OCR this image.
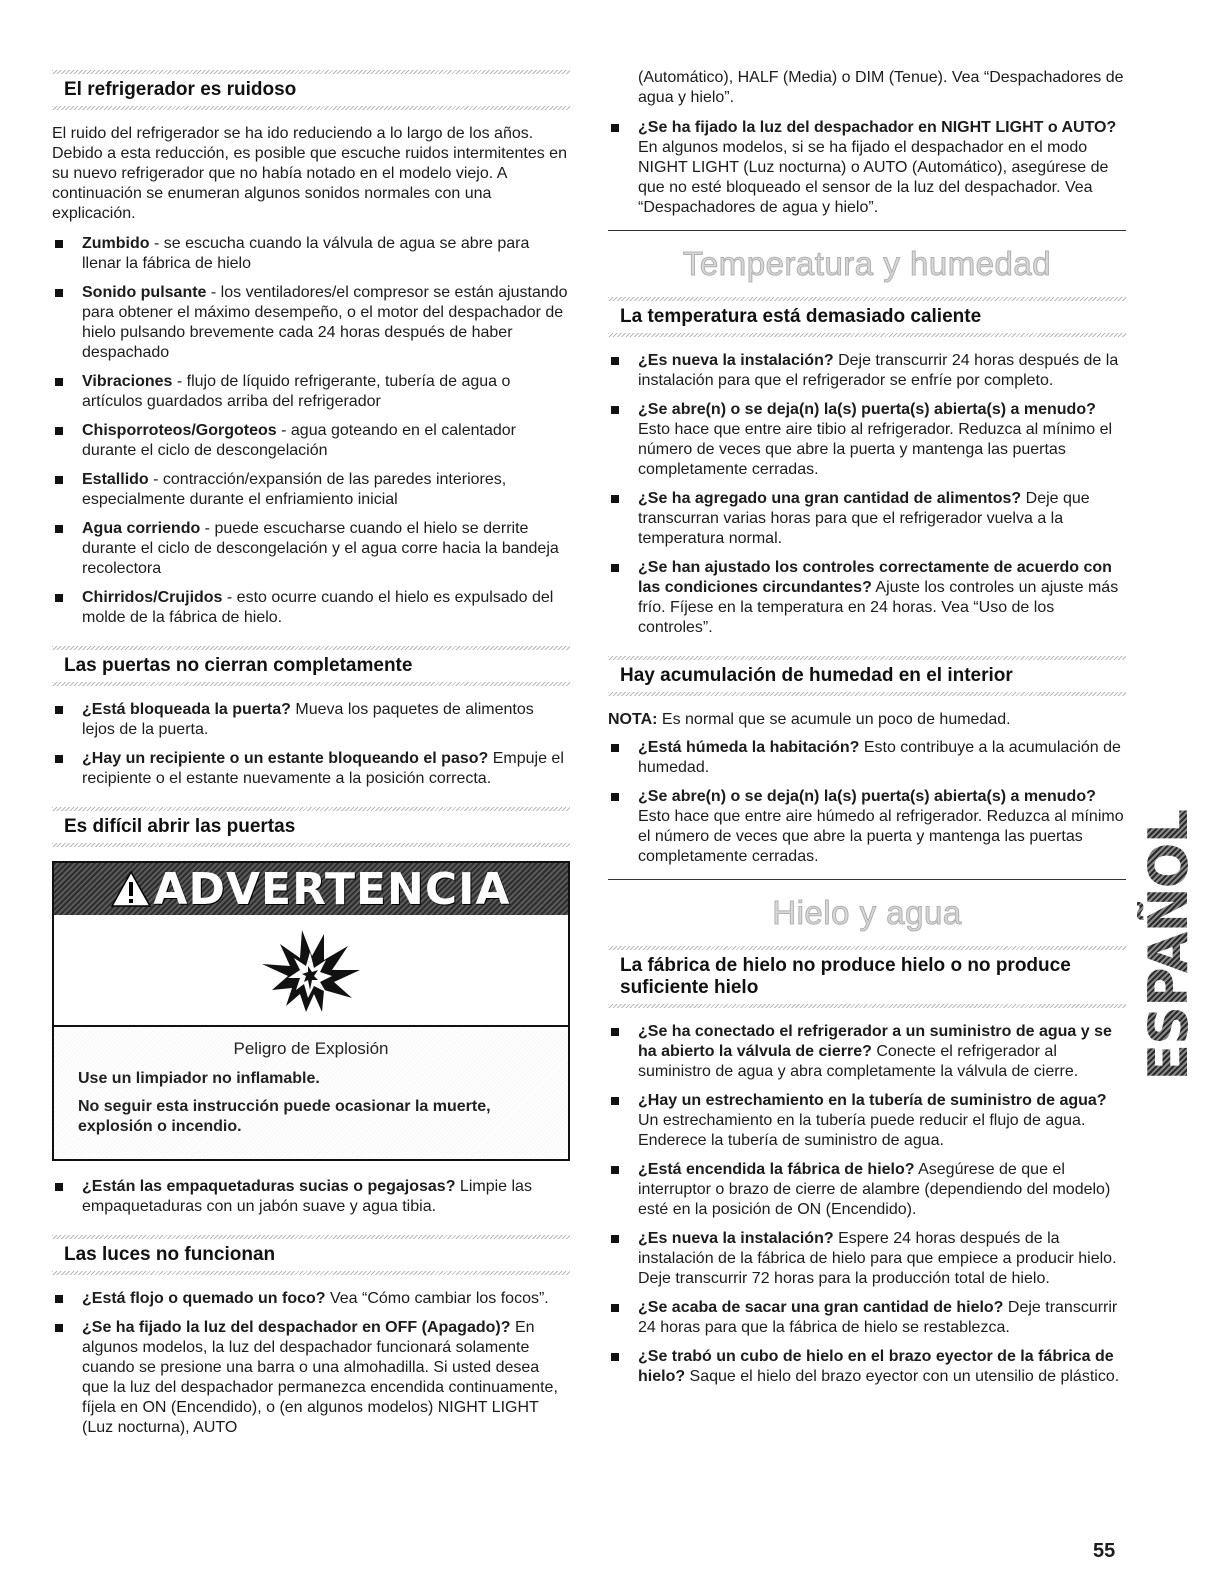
El refrigerador es ruidoso

El ruido del refrigerador se ha ido reduciendo a lo largo de los años. Debido a esta reducción, es posible que escuche ruidos intermitentes en su nuevo refrigerador que no había notado en el modelo viejo. A continuación se enumeran algunos sonidos normales con una explicación.

Zumbido - se escucha cuando la válvula de agua se abre para llenar la fábrica de hielo
Sonido pulsante - los ventiladores/el compresor se están ajustando para obtener el máximo desempeño, o el motor del despachador de hielo pulsando brevemente cada 24 horas después de haber despachado
Vibraciones - flujo de líquido refrigerante, tubería de agua o artículos guardados arriba del refrigerador
Chisporroteos/Gorgoteos - agua goteando en el calentador durante el ciclo de descongelación
Estallido - contracción/expansión de las paredes interiores, especialmente durante el enfriamiento inicial
Agua corriendo - puede escucharse cuando el hielo se derrite durante el ciclo de descongelación y el agua corre hacia la bandeja recolectora
Chirridos/Crujidos - esto ocurre cuando el hielo es expulsado del molde de la fábrica de hielo.
Las puertas no cierran completamente
¿Está bloqueada la puerta? Mueva los paquetes de alimentos lejos de la puerta.
¿Hay un recipiente o un estante bloqueando el paso? Empuje el recipiente o el estante nuevamente a la posición correcta.
Es difícil abrir las puertas
ADVERTENCIA
Peligro de Explosión

Use un limpiador no inflamable.

No seguir esta instrucción puede ocasionar la muerte, explosión o incendio.

¿Están las empaquetaduras sucias o pegajosas? Limpie las empaquetaduras con un jabón suave y agua tibia.
Las luces no funcionan
¿Está flojo o quemado un foco? Vea “Cómo cambiar los focos”.
¿Se ha fijado la luz del despachador en OFF (Apagado)? En algunos modelos, la luz del despachador funcionará solamente cuando se presione una barra o una almohadilla. Si usted desea que la luz del despachador permanezca encendida continuamente, fíjela en ON (Encendido), o (en algunos modelos) NIGHT LIGHT (Luz nocturna), AUTO

(Automático), HALF (Media) o DIM (Tenue). Vea “Despachadores de agua y hielo”.

¿Se ha fijado la luz del despachador en NIGHT LIGHT o AUTO? En algunos modelos, si se ha fijado el despachador en el modo NIGHT LIGHT (Luz nocturna) o AUTO (Automático), asegúrese de que no esté bloqueado el sensor de la luz del despachador. Vea “Despachadores de agua y hielo”.
Temperatura y humedad
La temperatura está demasiado caliente
¿Es nueva la instalación? Deje transcurrir 24 horas después de la instalación para que el refrigerador se enfríe por completo.
¿Se abre(n) o se deja(n) la(s) puerta(s) abierta(s) a menudo? Esto hace que entre aire tibio al refrigerador. Reduzca al mínimo el número de veces que abre la puerta y mantenga las puertas completamente cerradas.
¿Se ha agregado una gran cantidad de alimentos? Deje que transcurran varias horas para que el refrigerador vuelva a la temperatura normal.
¿Se han ajustado los controles correctamente de acuerdo con las condiciones circundantes? Ajuste los controles un ajuste más frío. Fíjese en la temperatura en 24 horas. Vea “Uso de los controles”.
Hay acumulación de humedad en el interior

NOTA: Es normal que se acumule un poco de humedad.

¿Está húmeda la habitación? Esto contribuye a la acumulación de humedad.
¿Se abre(n) o se deja(n) la(s) puerta(s) abierta(s) a menudo? Esto hace que entre aire húmedo al refrigerador. Reduzca al mínimo el número de veces que abre la puerta y mantenga las puertas completamente cerradas.
Hielo y agua
La fábrica de hielo no produce hielo o no produce suficiente hielo
¿Se ha conectado el refrigerador a un suministro de agua y se ha abierto la válvula de cierre? Conecte el refrigerador al suministro de agua y abra completamente la válvula de cierre.
¿Hay un estrechamiento en la tubería de suministro de agua? Un estrechamiento en la tubería puede reducir el flujo de agua. Enderece la tubería de suministro de agua.
¿Está encendida la fábrica de hielo? Asegúrese de que el interruptor o brazo de cierre de alambre (dependiendo del modelo) esté en la posición de ON (Encendido).
¿Es nueva la instalación? Espere 24 horas después de la instalación de la fábrica de hielo para que empiece a producir hielo. Deje transcurrir 72 horas para la producción total de hielo.
¿Se acaba de sacar una gran cantidad de hielo? Deje transcurrir 24 horas para que la fábrica de hielo se restablezca.
¿Se trabó un cubo de hielo en el brazo eyector de la fábrica de hielo? Saque el hielo del brazo eyector con un utensilio de plástico.
ESPAÑOL
55
